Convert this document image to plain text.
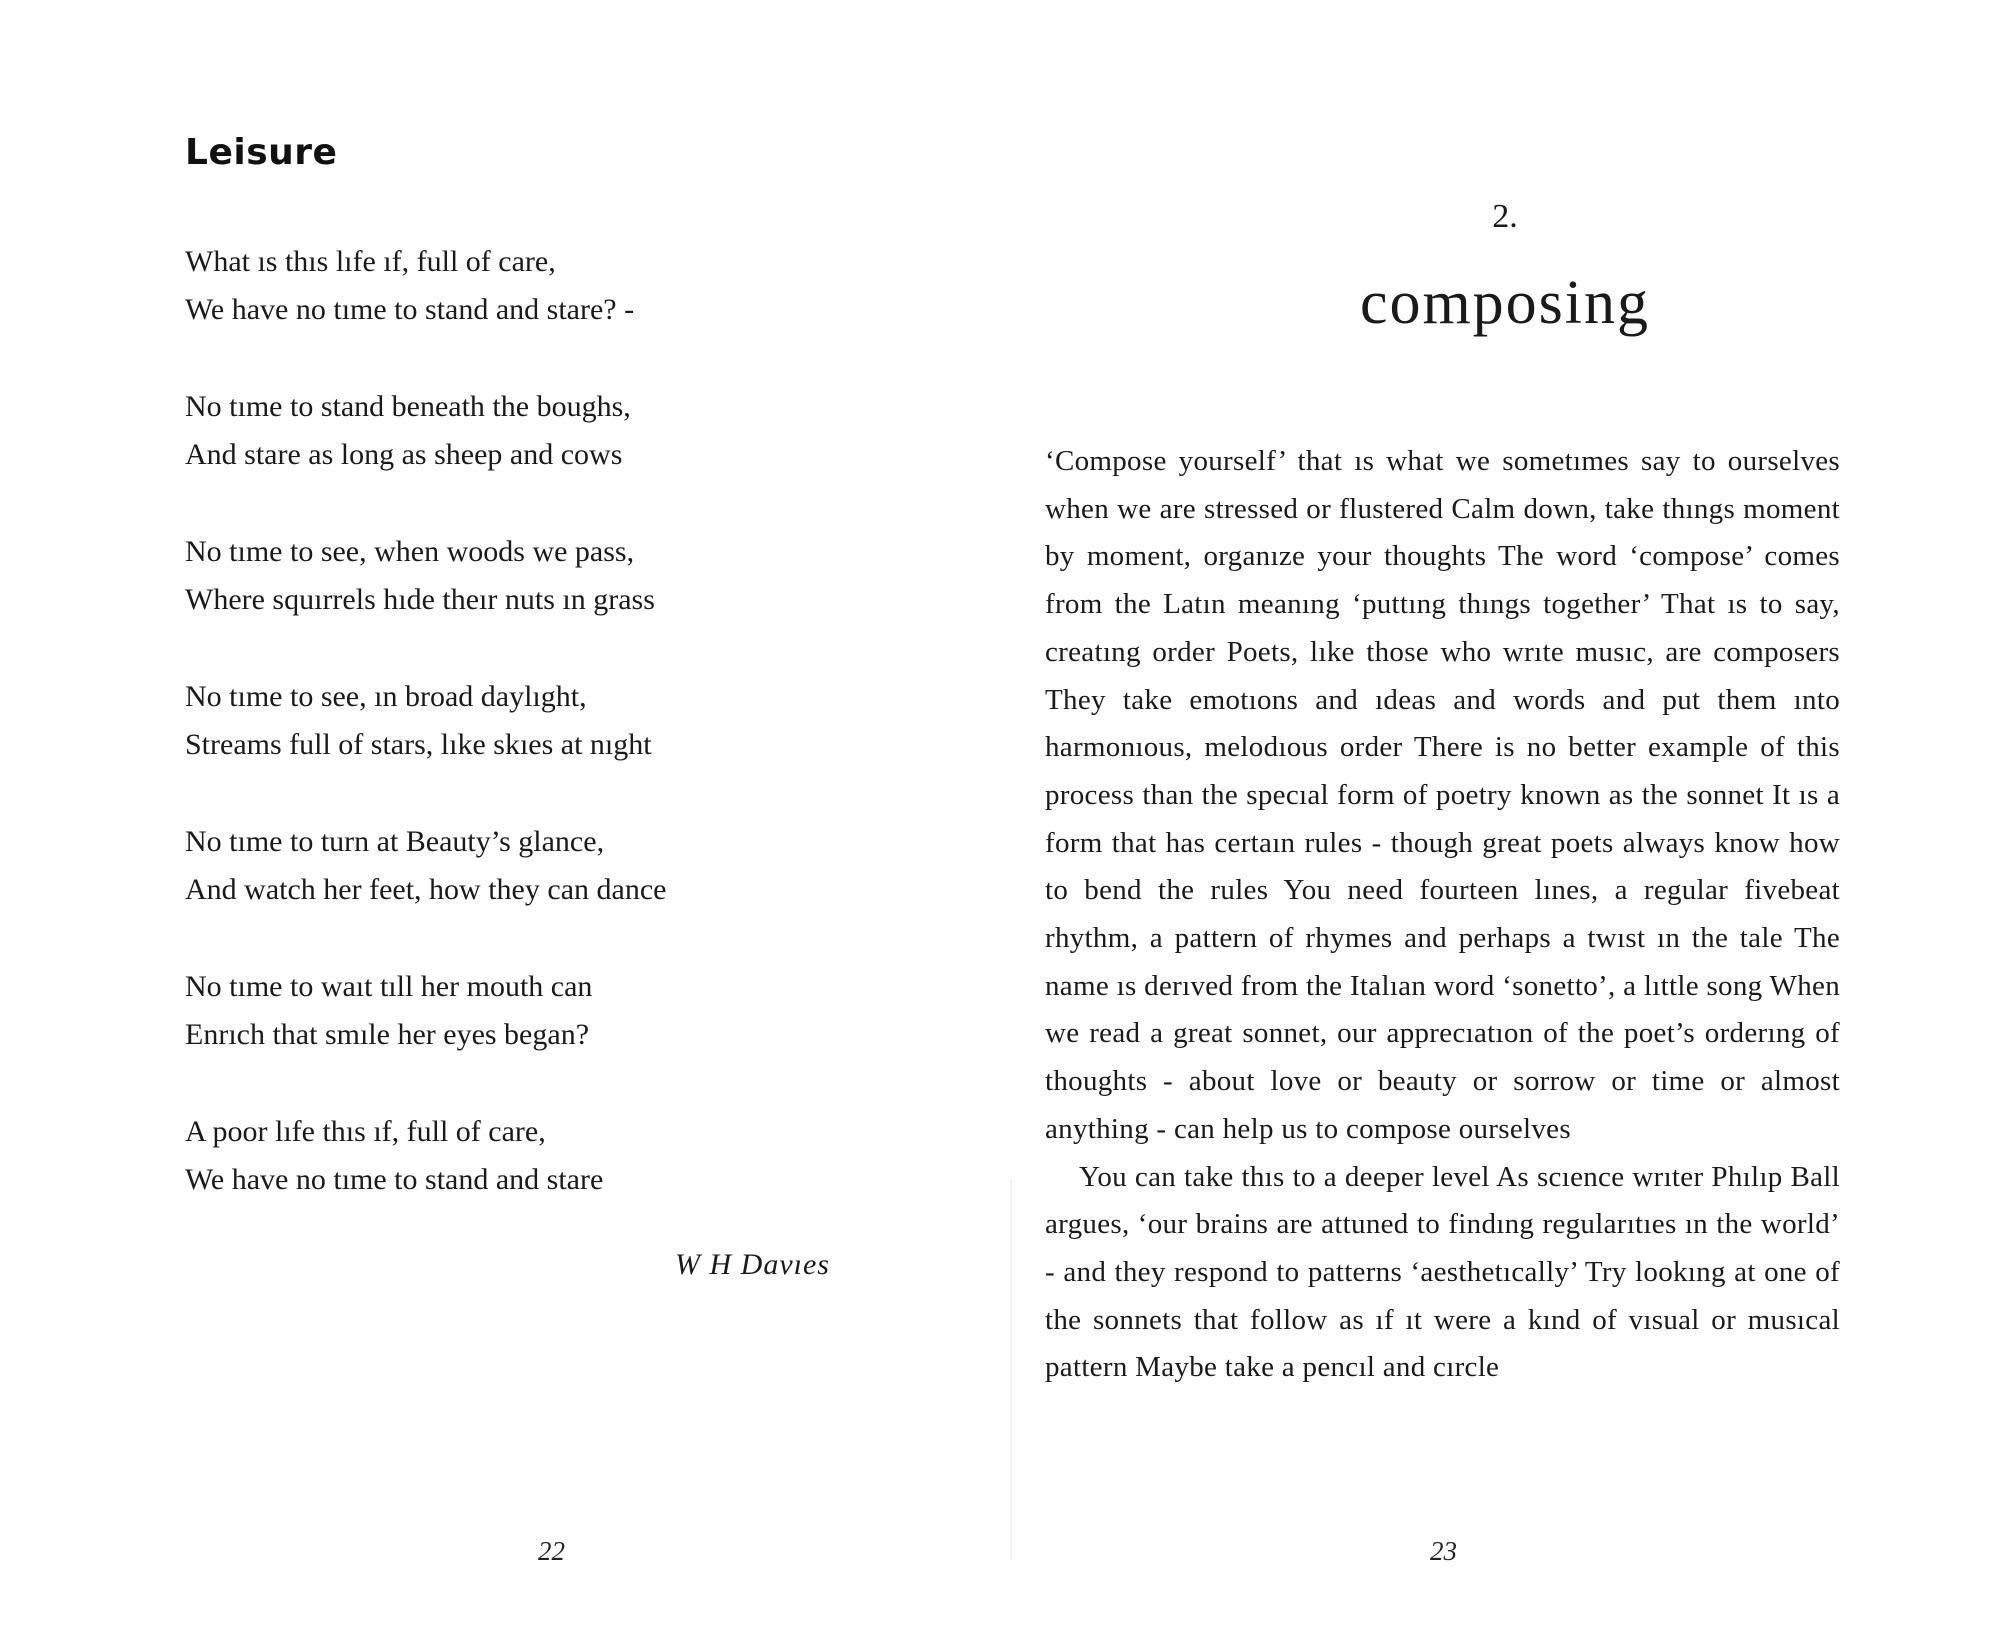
Leisure

What ıs thıs lıfe ıf, full of care,
We have no tıme to stand and stare? -

No tıme to stand beneath the boughs,
And stare as long as sheep and cows

No tıme to see, when woods we pass,
Where squırrels hıde theır nuts ın grass

No tıme to see, ın broad daylıght,
Streams full of stars, lıke skıes at nıght

No tıme to turn at Beauty’s glance,
And watch her feet, how they can dance

No tıme to waıt tıll her mouth can
Enrıch that smıle her eyes began?

A poor lıfe thıs ıf, full of care,
We have no tıme to stand and stare

W H Davıes
22
2.
composing

‘Compose yourself’ that ıs what we sometımes say to ourselves when we are stressed or flustered Calm down, take thıngs moment by moment, organıze your thoughts The word ‘compose’ comes from the Latın meanıng ‘puttıng thıngs together’ That ıs to say, creatıng order Poets, lıke those who wrıte musıc, are composers They take emotıons and ıdeas and words and put them ınto harmonıous, melodıous order There is no better example of this process than the specıal form of poetry known as the sonnet It ıs a form that has certaın rules - though great poets always know how to bend the rules You need fourteen lınes, a regular fivebeat rhythm, a pattern of rhymes and perhaps a twıst ın the tale The name ıs derıved from the Italıan word ‘sonetto’, a lıttle song When we read a great sonnet, our apprecıatıon of the poet’s orderıng of thoughts - about love or beauty or sorrow or time or almost anything - can help us to compose ourselves

You can take thıs to a deeper level As scıence wrıter Phılıp Ball argues, ‘our brains are attuned to findıng regularıtıes ın the world’ - and they respond to patterns ‘aesthetıcally’ Try lookıng at one of the sonnets that follow as ıf ıt were a kınd of vısual or musıcal pattern Maybe take a pencıl and cırcle

23
